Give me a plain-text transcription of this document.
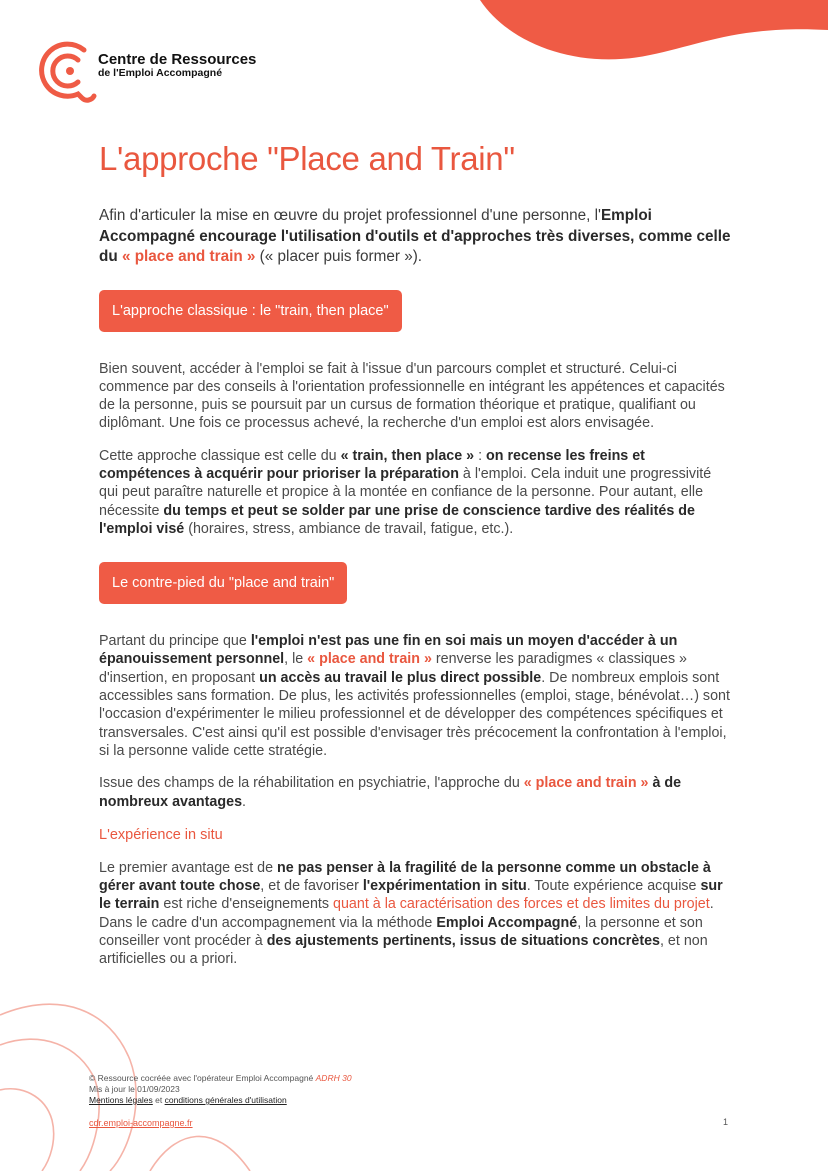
Centre de Ressources
de l'Emploi Accompagné
L'approche "Place and Train"

Afin d'articuler la mise en œuvre du projet professionnel d'une personne, l'Emploi Accompagné encourage l'utilisation d'outils et d'approches très diverses, comme celle du « place and train » (« placer puis former »).

L'approche classique : le "train, then place"

Bien souvent, accéder à l'emploi se fait à l'issue d'un parcours complet et structuré. Celui-ci commence par des conseils à l'orientation professionnelle en intégrant les appétences et capacités de la personne, puis se poursuit par un cursus de formation théorique et pratique, qualifiant ou diplômant. Une fois ce processus achevé, la recherche d'un emploi est alors envisagée.

Cette approche classique est celle du « train, then place » : on recense les freins et compétences à acquérir pour prioriser la préparation à l'emploi. Cela induit une progressivité qui peut paraître naturelle et propice à la montée en confiance de la personne. Pour autant, elle nécessite du temps et peut se solder par une prise de conscience tardive des réalités de l'emploi visé (horaires, stress, ambiance de travail, fatigue, etc.).

Le contre-pied du "place and train"

Partant du principe que l'emploi n'est pas une fin en soi mais un moyen d'accéder à un épanouissement personnel, le « place and train » renverse les paradigmes « classiques » d'insertion, en proposant un accès au travail le plus direct possible. De nombreux emplois sont accessibles sans formation. De plus, les activités professionnelles (emploi, stage, bénévolat…) sont l'occasion d'expérimenter le milieu professionnel et de développer des compétences spécifiques et transversales. C'est ainsi qu'il est possible d'envisager très précocement la confrontation à l'emploi, si la personne valide cette stratégie.

Issue des champs de la réhabilitation en psychiatrie, l'approche du « place and train » à de nombreux avantages.

L'expérience in situ

Le premier avantage est de ne pas penser à la fragilité de la personne comme un obstacle à gérer avant toute chose, et de favoriser l'expérimentation in situ. Toute expérience acquise sur le terrain est riche d'enseignements quant à la caractérisation des forces et des limites du projet. Dans le cadre d'un accompagnement via la méthode Emploi Accompagné, la personne et son conseiller vont procéder à des ajustements pertinents, issus de situations concrètes, et non artificielles ou a priori.

© Ressource cocréée avec l'opérateur Emploi Accompagné ADRH 30
Mis à jour le 01/09/2023
Mentions légales et conditions générales d'utilisation
cdr.emploi-accompagne.fr	1
